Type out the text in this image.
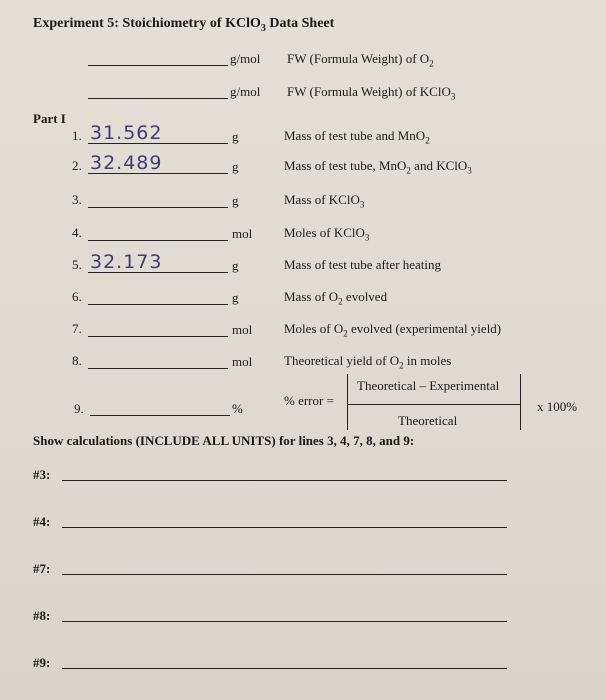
Experiment 5: Stoichiometry of KClO$_3$ Data Sheet
g/mol FW (Formula Weight) of $O_2$
g/mol FW (Formula Weight) of KClO$_3$
Part I
1. 31.562	g	Mass of test tube and MnO$_2$
2. 32.489	g	Mass of test tube, MnO$_2$ and KClO$_3$
3.	g	Mass of KClO$_3$
4.	mol Moles of KClO$_3$
5. 32.173	g	Mass of test tube after heating
6.	g	Mass of $O_2$ evolved
7.	mol Moles of $O_2$ evolved (experimental yield)
8.	mol Theoretical yield of $O_2$ in moles
9.	%
% error =
Theoretical – Experimental
Theoretical
x 100%
Show calculations (INCLUDE ALL UNITS) for lines 3, 4, 7, 8, and 9:
#3:
#4:
#7:
#8:
#9:
